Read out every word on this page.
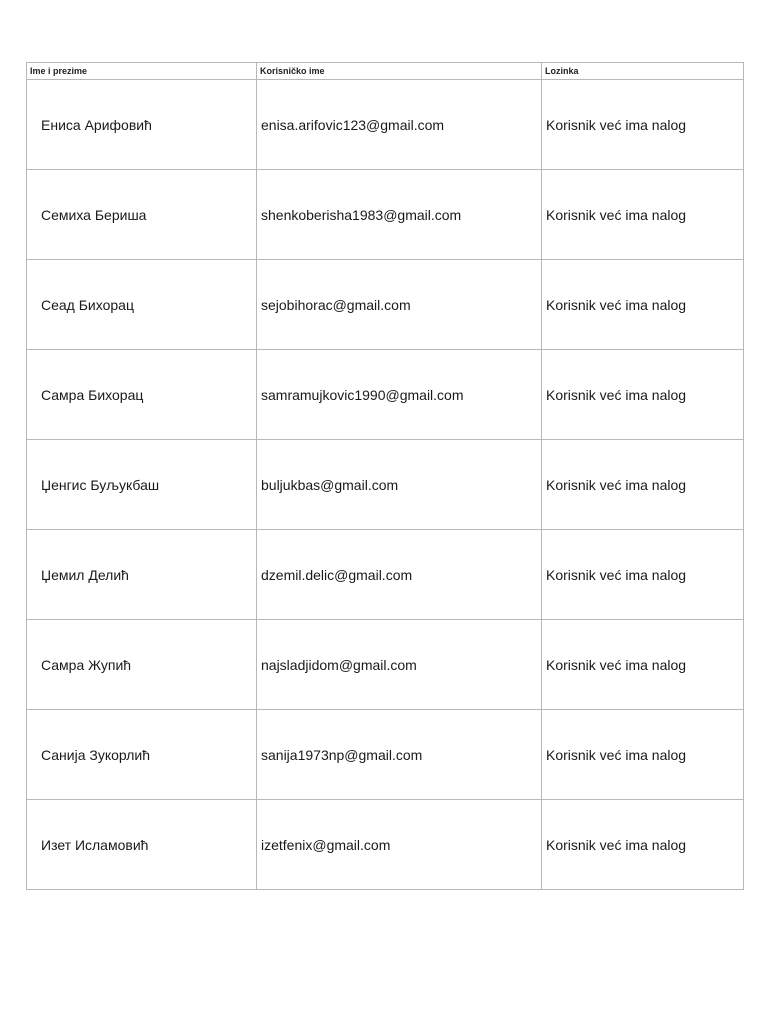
Ime i prezime	Korisničko ime	Lozinka
Ениса Арифовић	enisa.arifovic123@gmail.com	Korisnik već ima nalog
Семиха Бериша	shenkoberisha1983@gmail.com	Korisnik već ima nalog
Сеад Бихорац	sejobihorac@gmail.com	Korisnik već ima nalog
Самра Бихорац	samramujkovic1990@gmail.com	Korisnik već ima nalog
Џенгис Буљукбаш	buljukbas@gmail.com	Korisnik već ima nalog
Џемил Делић	dzemil.delic@gmail.com	Korisnik već ima nalog
Самра Жупић	najsladjidom@gmail.com	Korisnik već ima nalog
Санија Зукорлић	sanija1973np@gmail.com	Korisnik već ima nalog
Изет Исламовић	izetfenix@gmail.com	Korisnik već ima nalog
